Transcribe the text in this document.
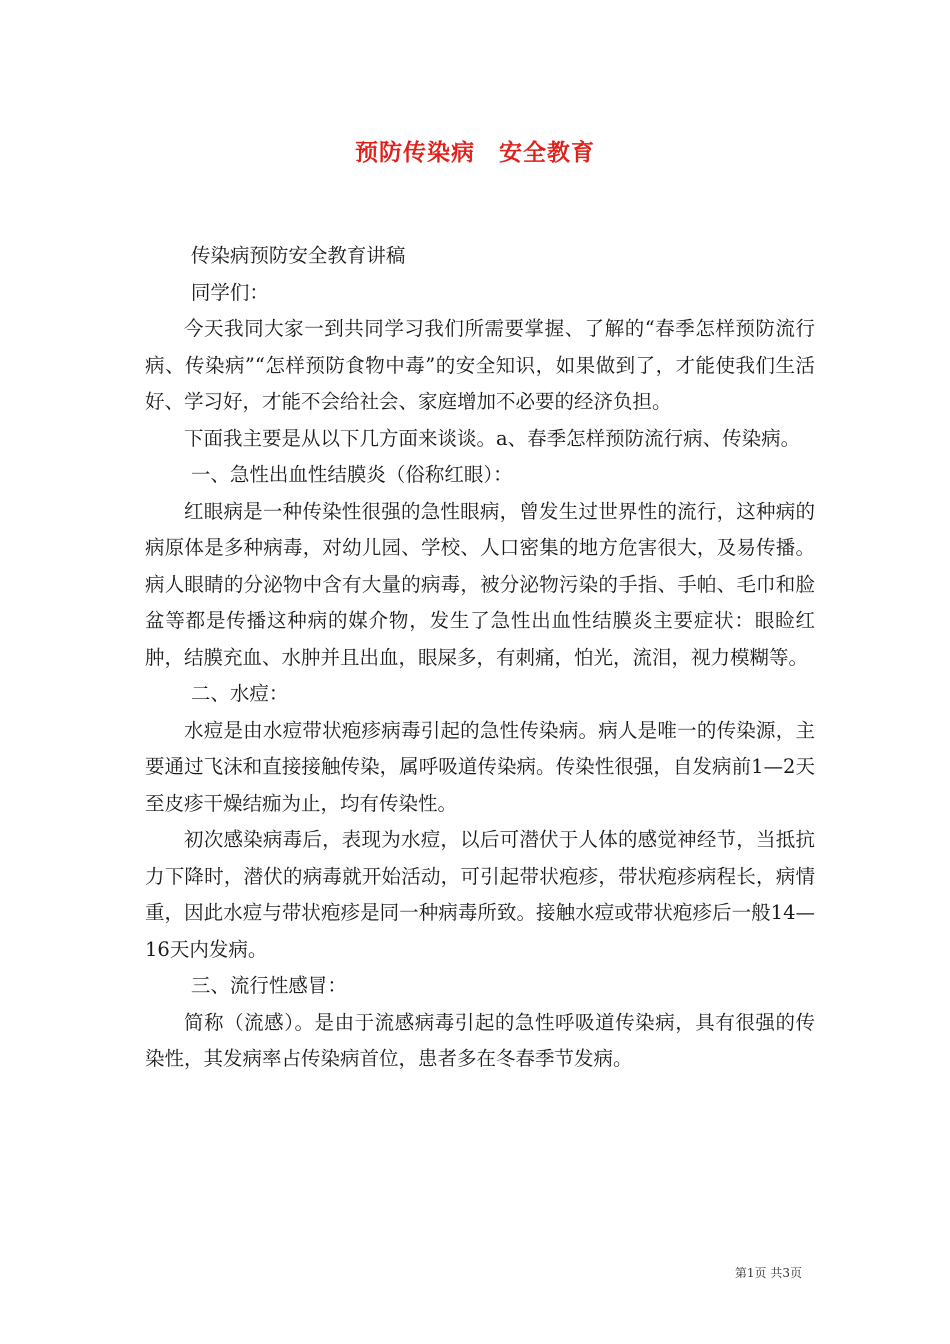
预防传染病　安全教育

传染病预防安全教育讲稿

同学们：

今天我同大家一到共同学习我们所需要掌握、了解的“春季怎样预防流行病、传染病”“怎样预防食物中毒”的安全知识，如果做到了，才能使我们生活好、学习好，才能不会给社会、家庭增加不必要的经济负担。

下面我主要是从以下几方面来谈谈。a、春季怎样预防流行病、传染病。

一、急性出血性结膜炎（俗称红眼）：

红眼病是一种传染性很强的急性眼病，曾发生过世界性的流行，这种病的病原体是多种病毒，对幼儿园、学校、人口密集的地方危害很大，及易传播。病人眼睛的分泌物中含有大量的病毒，被分泌物污染的手指、手帕、毛巾和脸盆等都是传播这种病的媒介物，发生了急性出血性结膜炎主要症状：眼睑红肿，结膜充血、水肿并且出血，眼屎多，有刺痛，怕光，流泪，视力模糊等。

二、水痘：

水痘是由水痘带状疱疹病毒引起的急性传染病。病人是唯一的传染源，主要通过飞沫和直接接触传染，属呼吸道传染病。传染性很强，自发病前1—2天至皮疹干燥结痂为止，均有传染性。

初次感染病毒后，表现为水痘，以后可潜伏于人体的感觉神经节，当抵抗力下降时，潜伏的病毒就开始活动，可引起带状疱疹，带状疱疹病程长，病情重，因此水痘与带状疱疹是同一种病毒所致。接触水痘或带状疱疹后一般14—16天内发病。

三、流行性感冒：

简称（流感）。是由于流感病毒引起的急性呼吸道传染病，具有很强的传染性，其发病率占传染病首位，患者多在冬春季节发病。

第1页 共3页
